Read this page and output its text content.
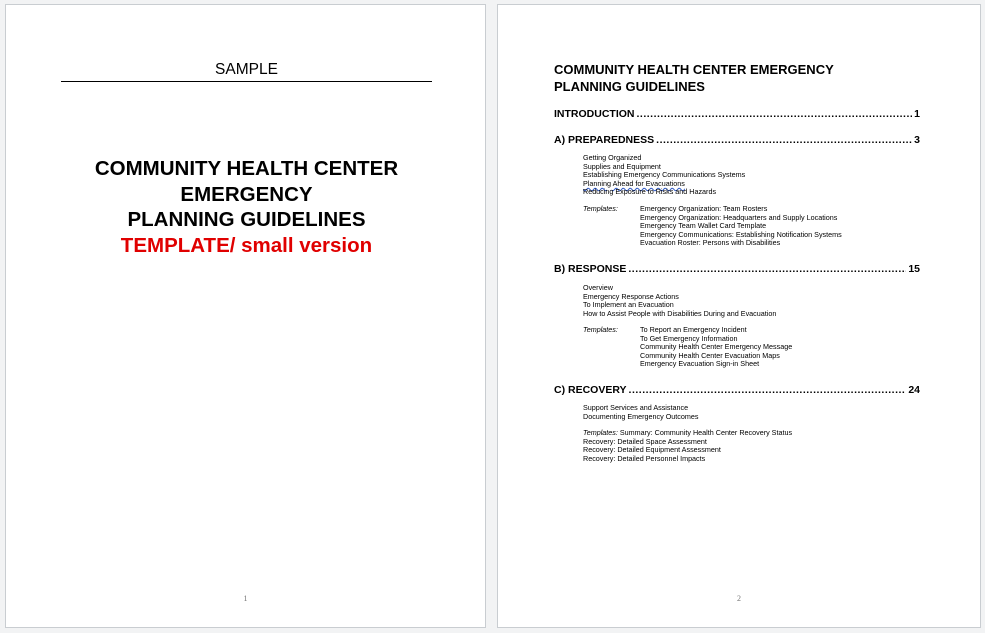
SAMPLE
COMMUNITY HEALTH CENTER
EMERGENCY
PLANNING GUIDELINES
TEMPLATE/ small version
1
COMMUNITY HEALTH CENTER EMERGENCY
PLANNING GUIDELINES
INTRODUCTION .....	1
A) PREPAREDNESS .....	3
Getting Organized
Supplies and Equipment
Establishing Emergency Communications Systems
Planning Ahead for Evacuations
Reducing Exposure to Risks and Hazards
Templates:	Emergency Organization: Team Rosters
Emergency Organization: Headquarters and Supply Locations
Emergency Team Wallet Card Template
Emergency Communications: Establishing Notification Systems
Evacuation Roster: Persons with Disabilities
B) RESPONSE .....	15
Overview
Emergency Response Actions
To Implement an Evacuation
How to Assist People with Disabilities During and Evacuation
Templates:	To Report an Emergency Incident
To Get Emergency Information
Community Health Center Emergency Message
Community Health Center Evacuation Maps
Emergency Evacuation Sign-in Sheet
C) RECOVERY .....	24
Support Services and Assistance
Documenting Emergency Outcomes
Templates: Summary: Community Health Center Recovery Status
Recovery: Detailed Space Assessment
Recovery: Detailed Equipment Assessment
Recovery: Detailed Personnel Impacts
2
